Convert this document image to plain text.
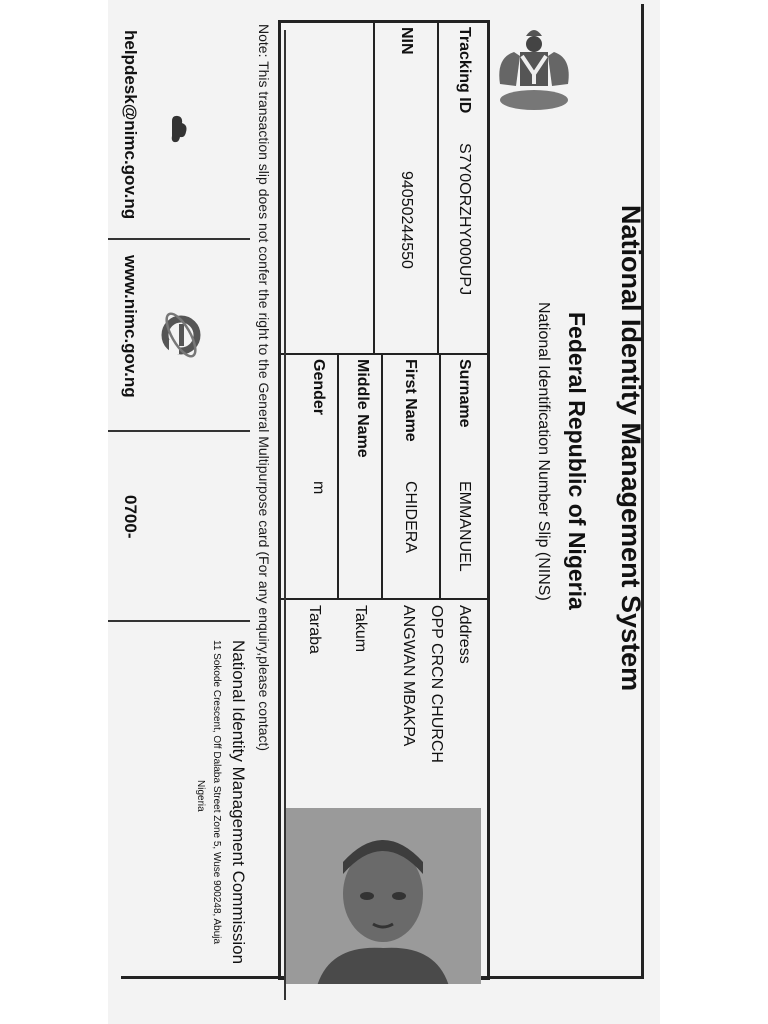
National Identity Management System
Federal Republic of Nigeria
National Identification Number Slip (NINS)
Tracking ID
S7Y0ORZHY000UPJ
NIN
94050244550
Surname
EMMANUEL
First Name
CHIDERA
Middle Name
Gender
m
Address
OPP CRCN CHURCH
ANGWAN MBAKPA
Takum
Taraba
Note: This transaction slip does not confer the right to the General Multipurpose card (For any enquiry,please contact)
helpdesk@nimc.gov.ng
www.nimc.gov.ng
0700-
National Identity Management Commission
11 Sokode Crescent, Off Dalaba Street Zone 5, Wuse 900248, Abuja
Nigeria
